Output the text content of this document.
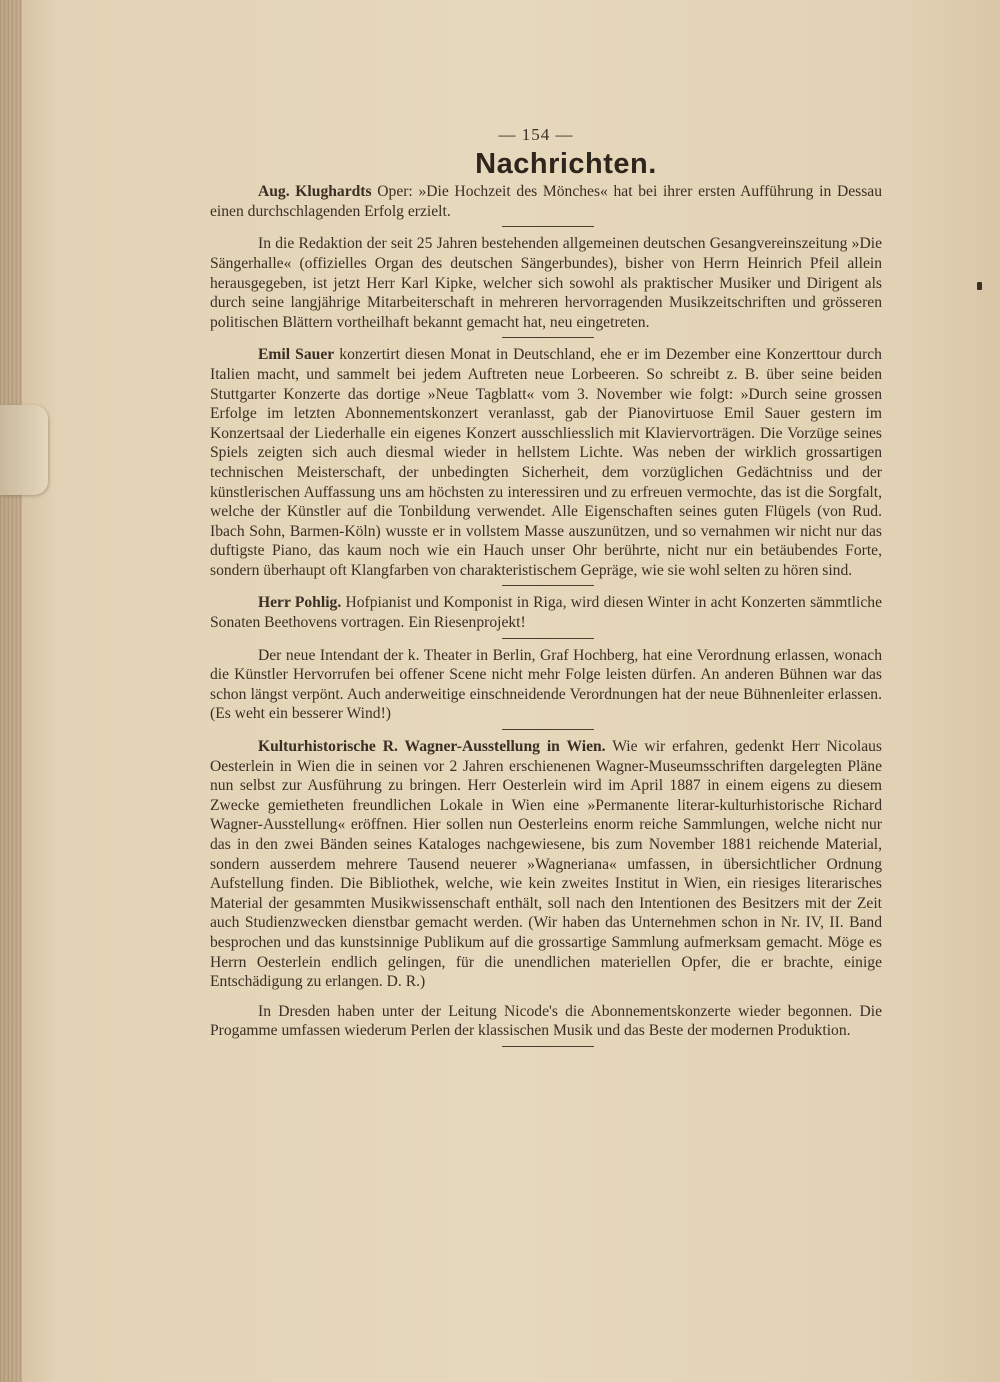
— 154 —
Nachrichten.

Aug. Klughardts Oper: »Die Hochzeit des Mönches« hat bei ihrer ersten Aufführung in Dessau einen durchschlagenden Erfolg erzielt.

In die Redaktion der seit 25 Jahren bestehenden allgemeinen deutschen Gesangvereinszeitung »Die Sängerhalle« (offizielles Organ des deutschen Sängerbundes), bisher von Herrn Heinrich Pfeil allein herausgegeben, ist jetzt Herr Karl Kipke, welcher sich sowohl als praktischer Musiker und Dirigent als durch seine langjährige Mitarbeiterschaft in mehreren hervorragenden Musikzeitschriften und grösseren politischen Blättern vortheilhaft bekannt gemacht hat, neu eingetreten.

Emil Sauer konzertirt diesen Monat in Deutschland, ehe er im Dezember eine Konzerttour durch Italien macht, und sammelt bei jedem Auftreten neue Lorbeeren. So schreibt z. B. über seine beiden Stuttgarter Konzerte das dortige »Neue Tagblatt« vom 3. November wie folgt: »Durch seine grossen Erfolge im letzten Abonnementskonzert veranlasst, gab der Pianovirtuose Emil Sauer gestern im Konzertsaal der Liederhalle ein eigenes Konzert ausschliesslich mit Klaviervorträgen. Die Vorzüge seines Spiels zeigten sich auch diesmal wieder in hellstem Lichte. Was neben der wirklich grossartigen technischen Meisterschaft, der unbedingten Sicherheit, dem vorzüglichen Gedächtniss und der künstlerischen Auffassung uns am höchsten zu interessiren und zu erfreuen vermochte, das ist die Sorgfalt, welche der Künstler auf die Tonbildung verwendet. Alle Eigenschaften seines guten Flügels (von Rud. Ibach Sohn, Barmen-Köln) wusste er in vollstem Masse auszunützen, und so vernahmen wir nicht nur das duftigste Piano, das kaum noch wie ein Hauch unser Ohr berührte, nicht nur ein betäubendes Forte, sondern überhaupt oft Klangfarben von charakteristischem Gepräge, wie sie wohl selten zu hören sind.

Herr Pohlig. Hofpianist und Komponist in Riga, wird diesen Winter in acht Konzerten sämmtliche Sonaten Beethovens vortragen. Ein Riesenprojekt!

Der neue Intendant der k. Theater in Berlin, Graf Hochberg, hat eine Verordnung erlassen, wonach die Künstler Hervorrufen bei offener Scene nicht mehr Folge leisten dürfen. An anderen Bühnen war das schon längst verpönt. Auch anderweitige einschneidende Verordnungen hat der neue Bühnenleiter erlassen. (Es weht ein besserer Wind!)

Kulturhistorische R. Wagner-Ausstellung in Wien. Wie wir erfahren, gedenkt Herr Nicolaus Oesterlein in Wien die in seinen vor 2 Jahren erschienenen Wagner-Museumsschriften dargelegten Pläne nun selbst zur Ausführung zu bringen. Herr Oesterlein wird im April 1887 in einem eigens zu diesem Zwecke gemietheten freundlichen Lokale in Wien eine »Permanente literar-kulturhistorische Richard Wagner-Ausstellung« eröffnen. Hier sollen nun Oesterleins enorm reiche Sammlungen, welche nicht nur das in den zwei Bänden seines Kataloges nachgewiesene, bis zum November 1881 reichende Material, sondern ausserdem mehrere Tausend neuerer »Wagneriana« umfassen, in übersichtlicher Ordnung Aufstellung finden. Die Bibliothek, welche, wie kein zweites Institut in Wien, ein riesiges literarisches Material der gesammten Musikwissenschaft enthält, soll nach den Intentionen des Besitzers mit der Zeit auch Studienzwecken dienstbar gemacht werden. (Wir haben das Unternehmen schon in Nr. IV, II. Band besprochen und das kunstsinnige Publikum auf die grossartige Sammlung aufmerksam gemacht. Möge es Herrn Oesterlein endlich gelingen, für die unendlichen materiellen Opfer, die er brachte, einige Entschädigung zu erlangen. D. R.)

In Dresden haben unter der Leitung Nicode's die Abonnementskonzerte wieder begonnen. Die Progamme umfassen wiederum Perlen der klassischen Musik und das Beste der modernen Produktion.
